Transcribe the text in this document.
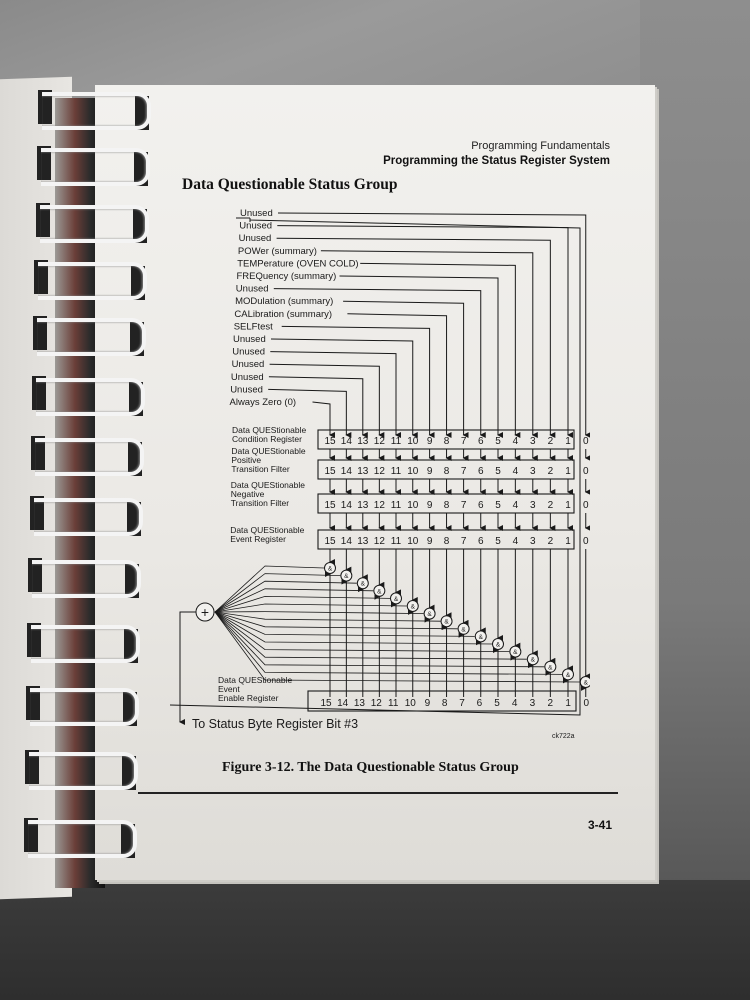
Programming Fundamentals
Programming the Status Register System
Data Questionable Status Group
Unused
Unused
Unused
POWer (summary)
TEMPerature (OVEN COLD)
FREQuency (summary)
Unused
MODulation (summary)
CALibration (summary)
SELFtest
Unused
Unused
Unused
Unused
Unused
Always Zero (0)
Data QUEStionable
Condition Register 15 14 13 12 11 10 9 8 7 6 5 4 3 2 1 0
Data QUEStionable
Positive
Transition Filter	15 14 13 12 11 10 9 8 7 6 5 4 3 2 1 0
Data QUEStionable
Negative
Transition Filter	15 14 13 12 11 10 9 8 7 6 5 4 3 2 1 0
Data QUEStionable
Event Register	15 14 13 12 11 10 9 8 7 6 5 4 3 2 1 0
&
&
&
&
&
&
&
&
&
&
&
&
&
&
&
&
+
Data QUEStionable
Event
Enable Register	15 14 13 12 11 10 9 8 7 6 5 4 3 2 1 0
To Status Byte Register Bit #3
ck722a
Figure 3-12. The Data Questionable Status Group
3-41
